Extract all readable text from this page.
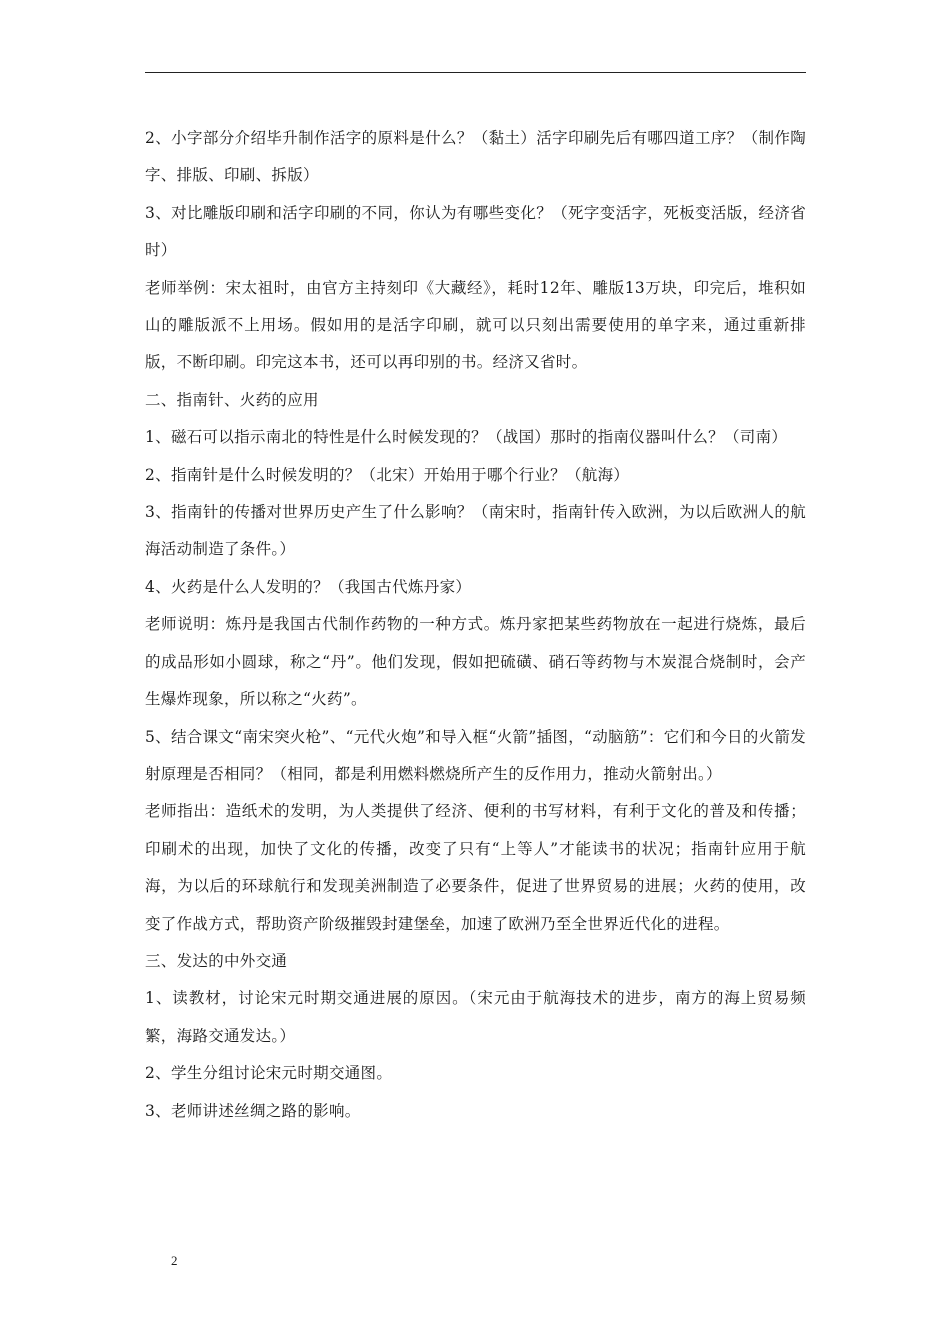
2、小字部分介绍毕升制作活字的原料是什么？（黏土）活字印刷先后有哪四道工序？（制作陶字、排版、印刷、拆版）

3、对比雕版印刷和活字印刷的不同，你认为有哪些变化？（死字变活字，死板变活版，经济省时）

老师举例：宋太祖时，由官方主持刻印《大藏经》，耗时12年、雕版13万块，印完后，堆积如山的雕版派不上用场。假如用的是活字印刷，就可以只刻出需要使用的单字来，通过重新排版，不断印刷。印完这本书，还可以再印别的书。经济又省时。

二、指南针、火药的应用

1、磁石可以指示南北的特性是什么时候发现的？（战国）那时的指南仪器叫什么？（司南）

2、指南针是什么时候发明的？（北宋）开始用于哪个行业？（航海）

3、指南针的传播对世界历史产生了什么影响？（南宋时，指南针传入欧洲，为以后欧洲人的航海活动制造了条件。）

4、火药是什么人发明的？（我国古代炼丹家）

老师说明：炼丹是我国古代制作药物的一种方式。炼丹家把某些药物放在一起进行烧炼，最后的成品形如小圆球，称之“丹”。他们发现，假如把硫磺、硝石等药物与木炭混合烧制时，会产生爆炸现象，所以称之“火药”。

5、结合课文“南宋突火枪”、“元代火炮”和导入框“火箭”插图，“动脑筋”：它们和今日的火箭发射原理是否相同？（相同，都是利用燃料燃烧所产生的反作用力，推动火箭射出。）

老师指出：造纸术的发明，为人类提供了经济、便利的书写材料，有利于文化的普及和传播；印刷术的出现，加快了文化的传播，改变了只有“上等人”才能读书的状况；指南针应用于航海，为以后的环球航行和发现美洲制造了必要条件，促进了世界贸易的进展；火药的使用，改变了作战方式，帮助资产阶级摧毁封建堡垒，加速了欧洲乃至全世界近代化的进程。

三、发达的中外交通

1、读教材，讨论宋元时期交通进展的原因。（宋元由于航海技术的进步，南方的海上贸易频繁，海路交通发达。）

2、学生分组讨论宋元时期交通图。

3、老师讲述丝绸之路的影响。

2
